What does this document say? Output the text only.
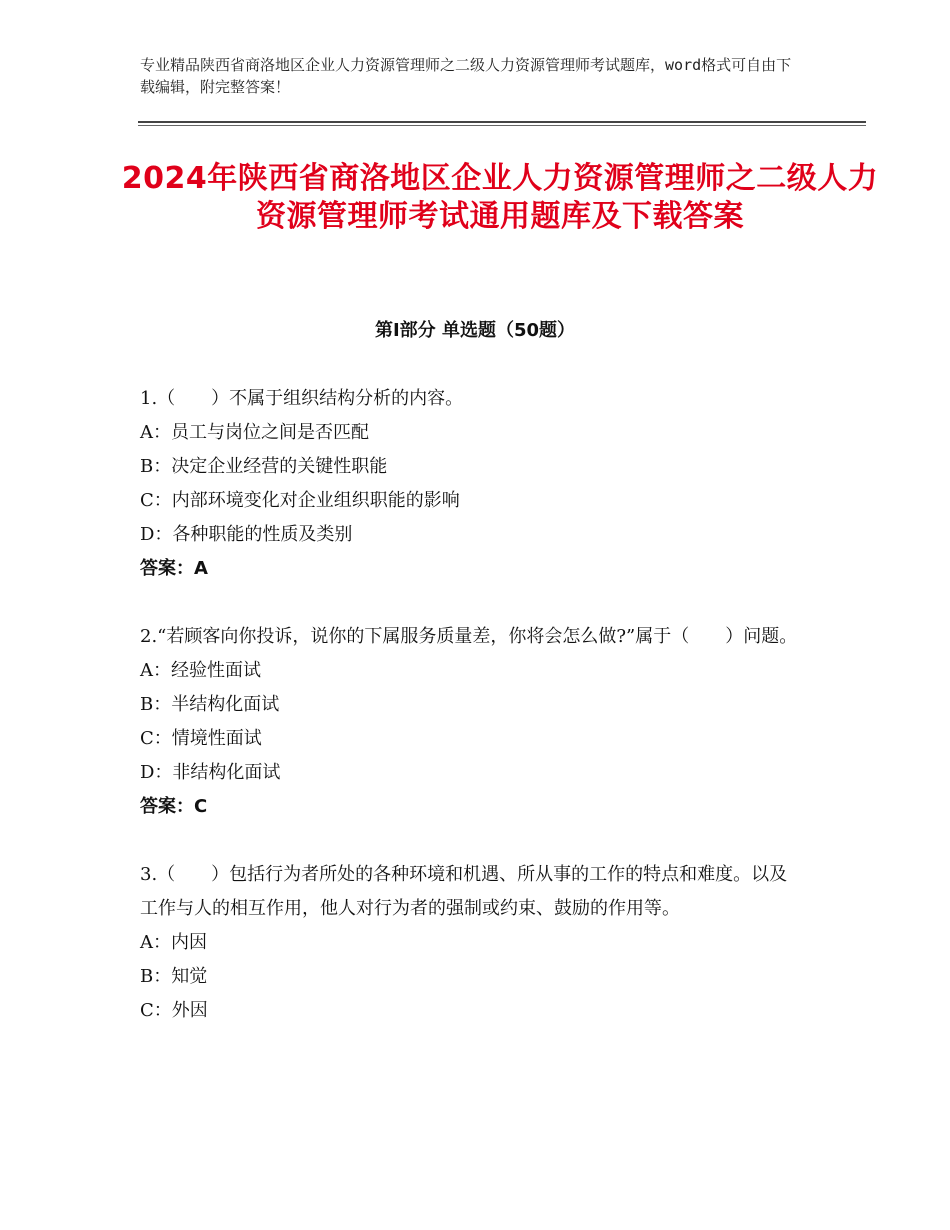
专业精品陕西省商洛地区企业人力资源管理师之二级人力资源管理师考试题库，word格式可自由下载编辑，附完整答案！
2024年陕西省商洛地区企业人力资源管理师之二级人力资源管理师考试通用题库及下载答案
第Ⅰ部分 单选题（50题）
1.（　　）不属于组织结构分析的内容。
A：员工与岗位之间是否匹配
B：决定企业经营的关键性职能
C：内部环境变化对企业组织职能的影响
D：各种职能的性质及类别
答案：A
2.“若顾客向你投诉，说你的下属服务质量差，你将会怎么做?”属于（　　）问题。
A：经验性面试
B：半结构化面试
C：情境性面试
D：非结构化面试
答案：C
3.（　　）包括行为者所处的各种环境和机遇、所从事的工作的特点和难度。以及工作与人的相互作用，他人对行为者的强制或约束、鼓励的作用等。
A：内因
B：知觉
C：外因
